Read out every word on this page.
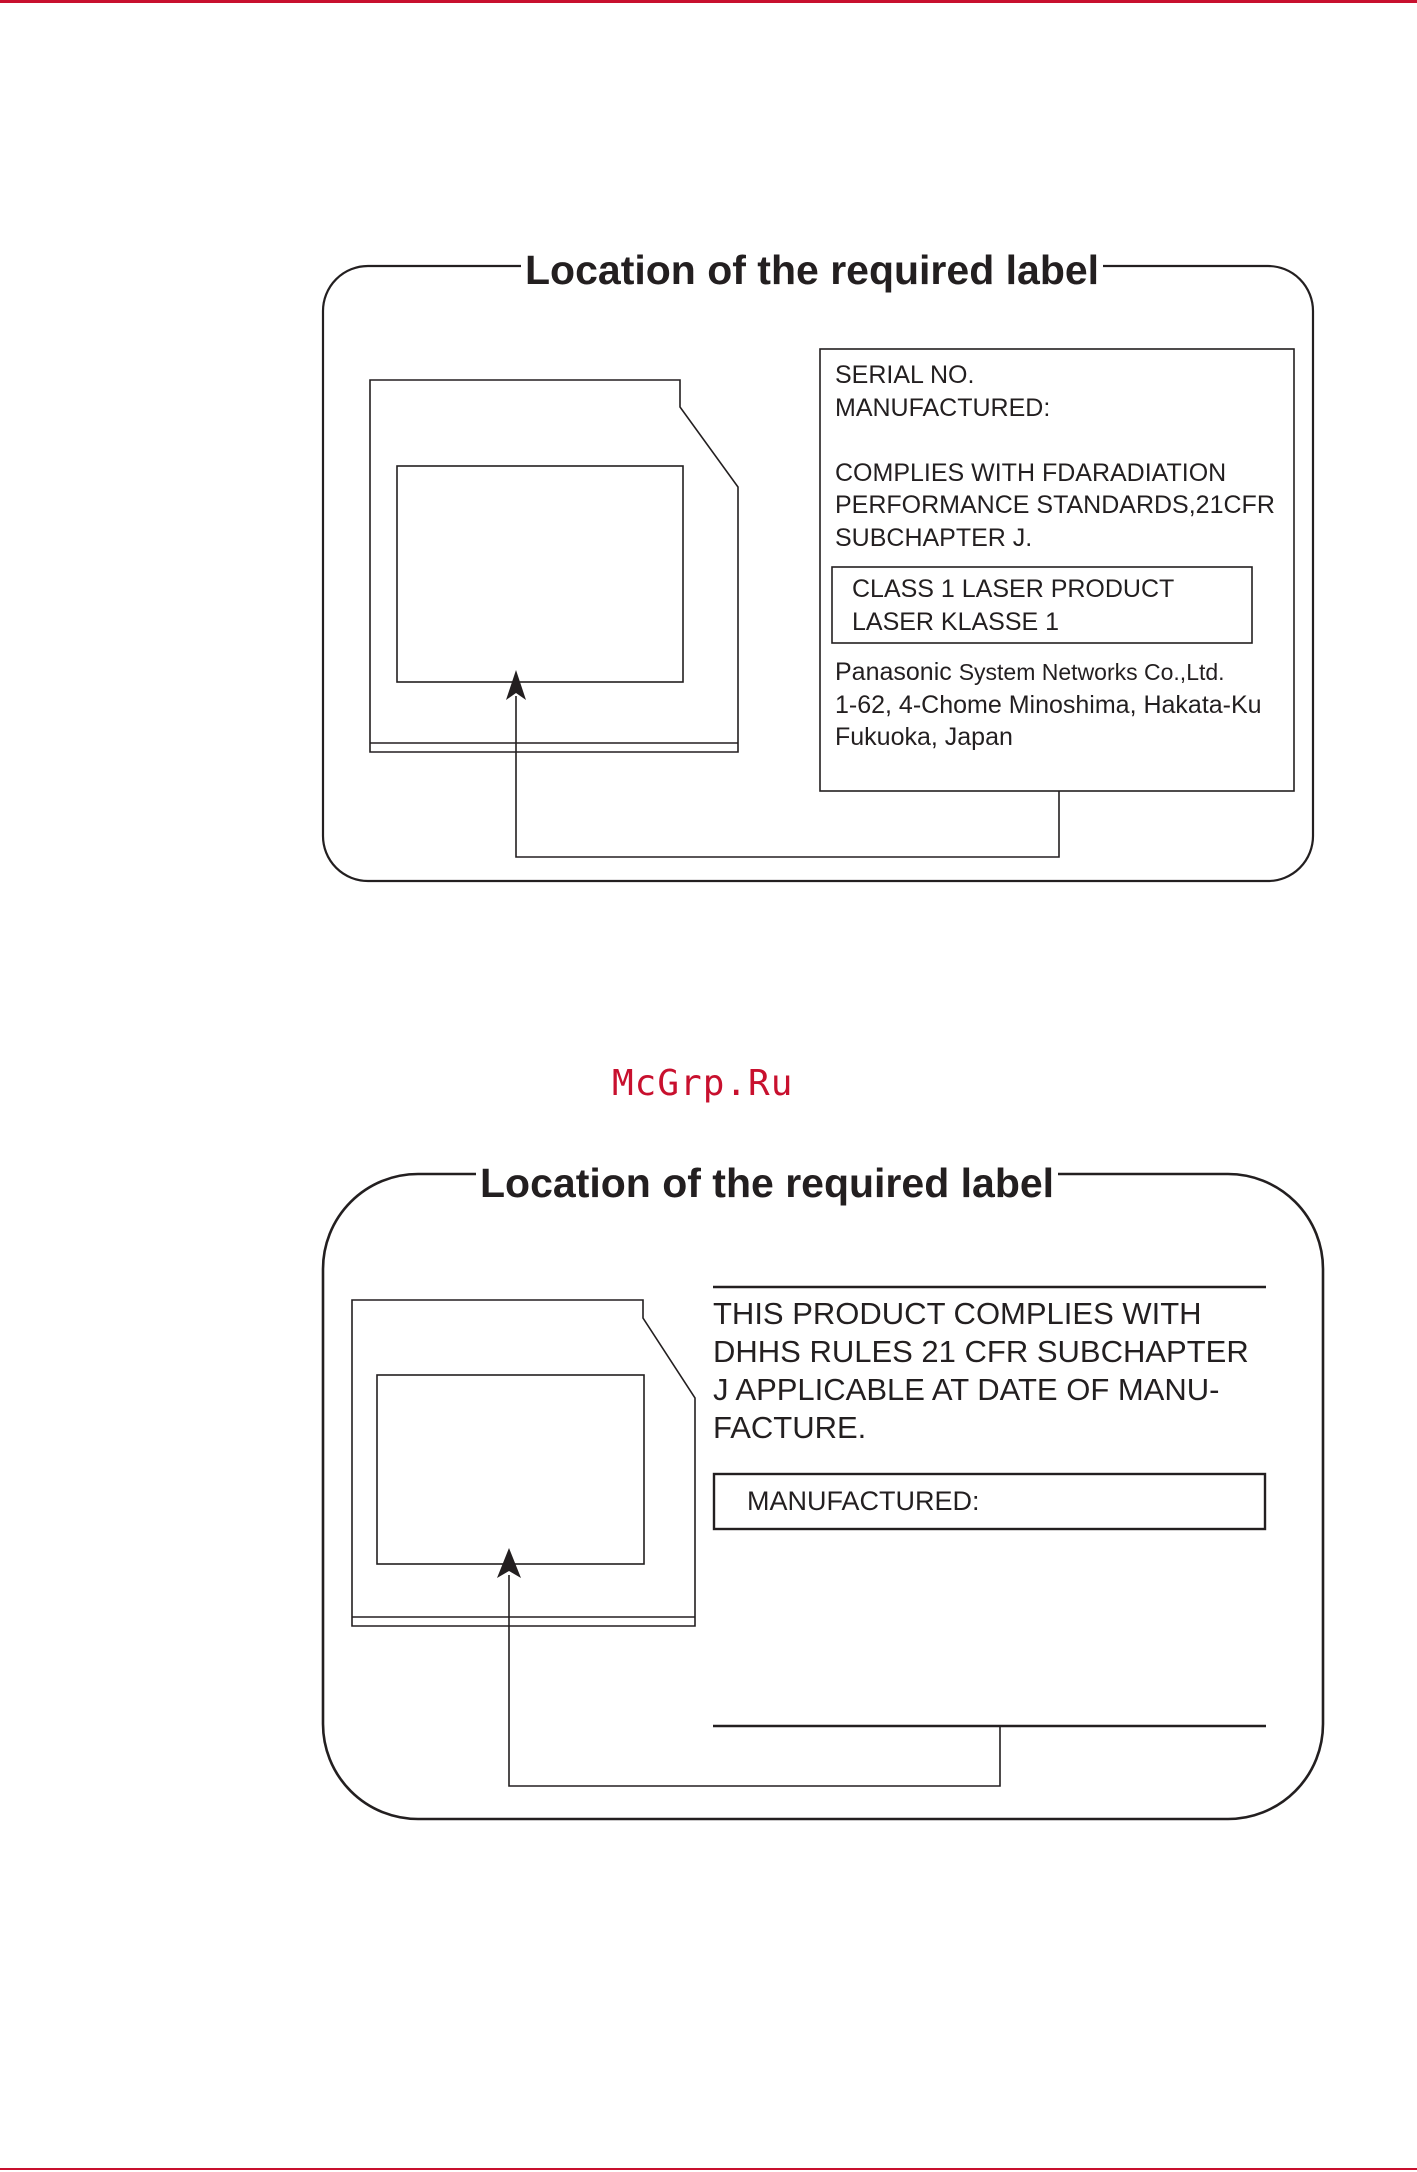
Location of the required label
SERIAL NO.
MANUFACTURED:

COMPLIES WITH FDARADIATION
PERFORMANCE STANDARDS,21CFR
SUBCHAPTER J.
CLASS 1 LASER PRODUCT
LASER KLASSE 1
Panasonic System Networks Co.,Ltd.
1-62, 4-Chome Minoshima, Hakata-Ku
Fukuoka, Japan
McGrp.Ru
Location of the required label
THIS PRODUCT COMPLIES WITH
DHHS RULES 21 CFR SUBCHAPTER
J APPLICABLE AT DATE OF MANU-
FACTURE.
MANUFACTURED:
